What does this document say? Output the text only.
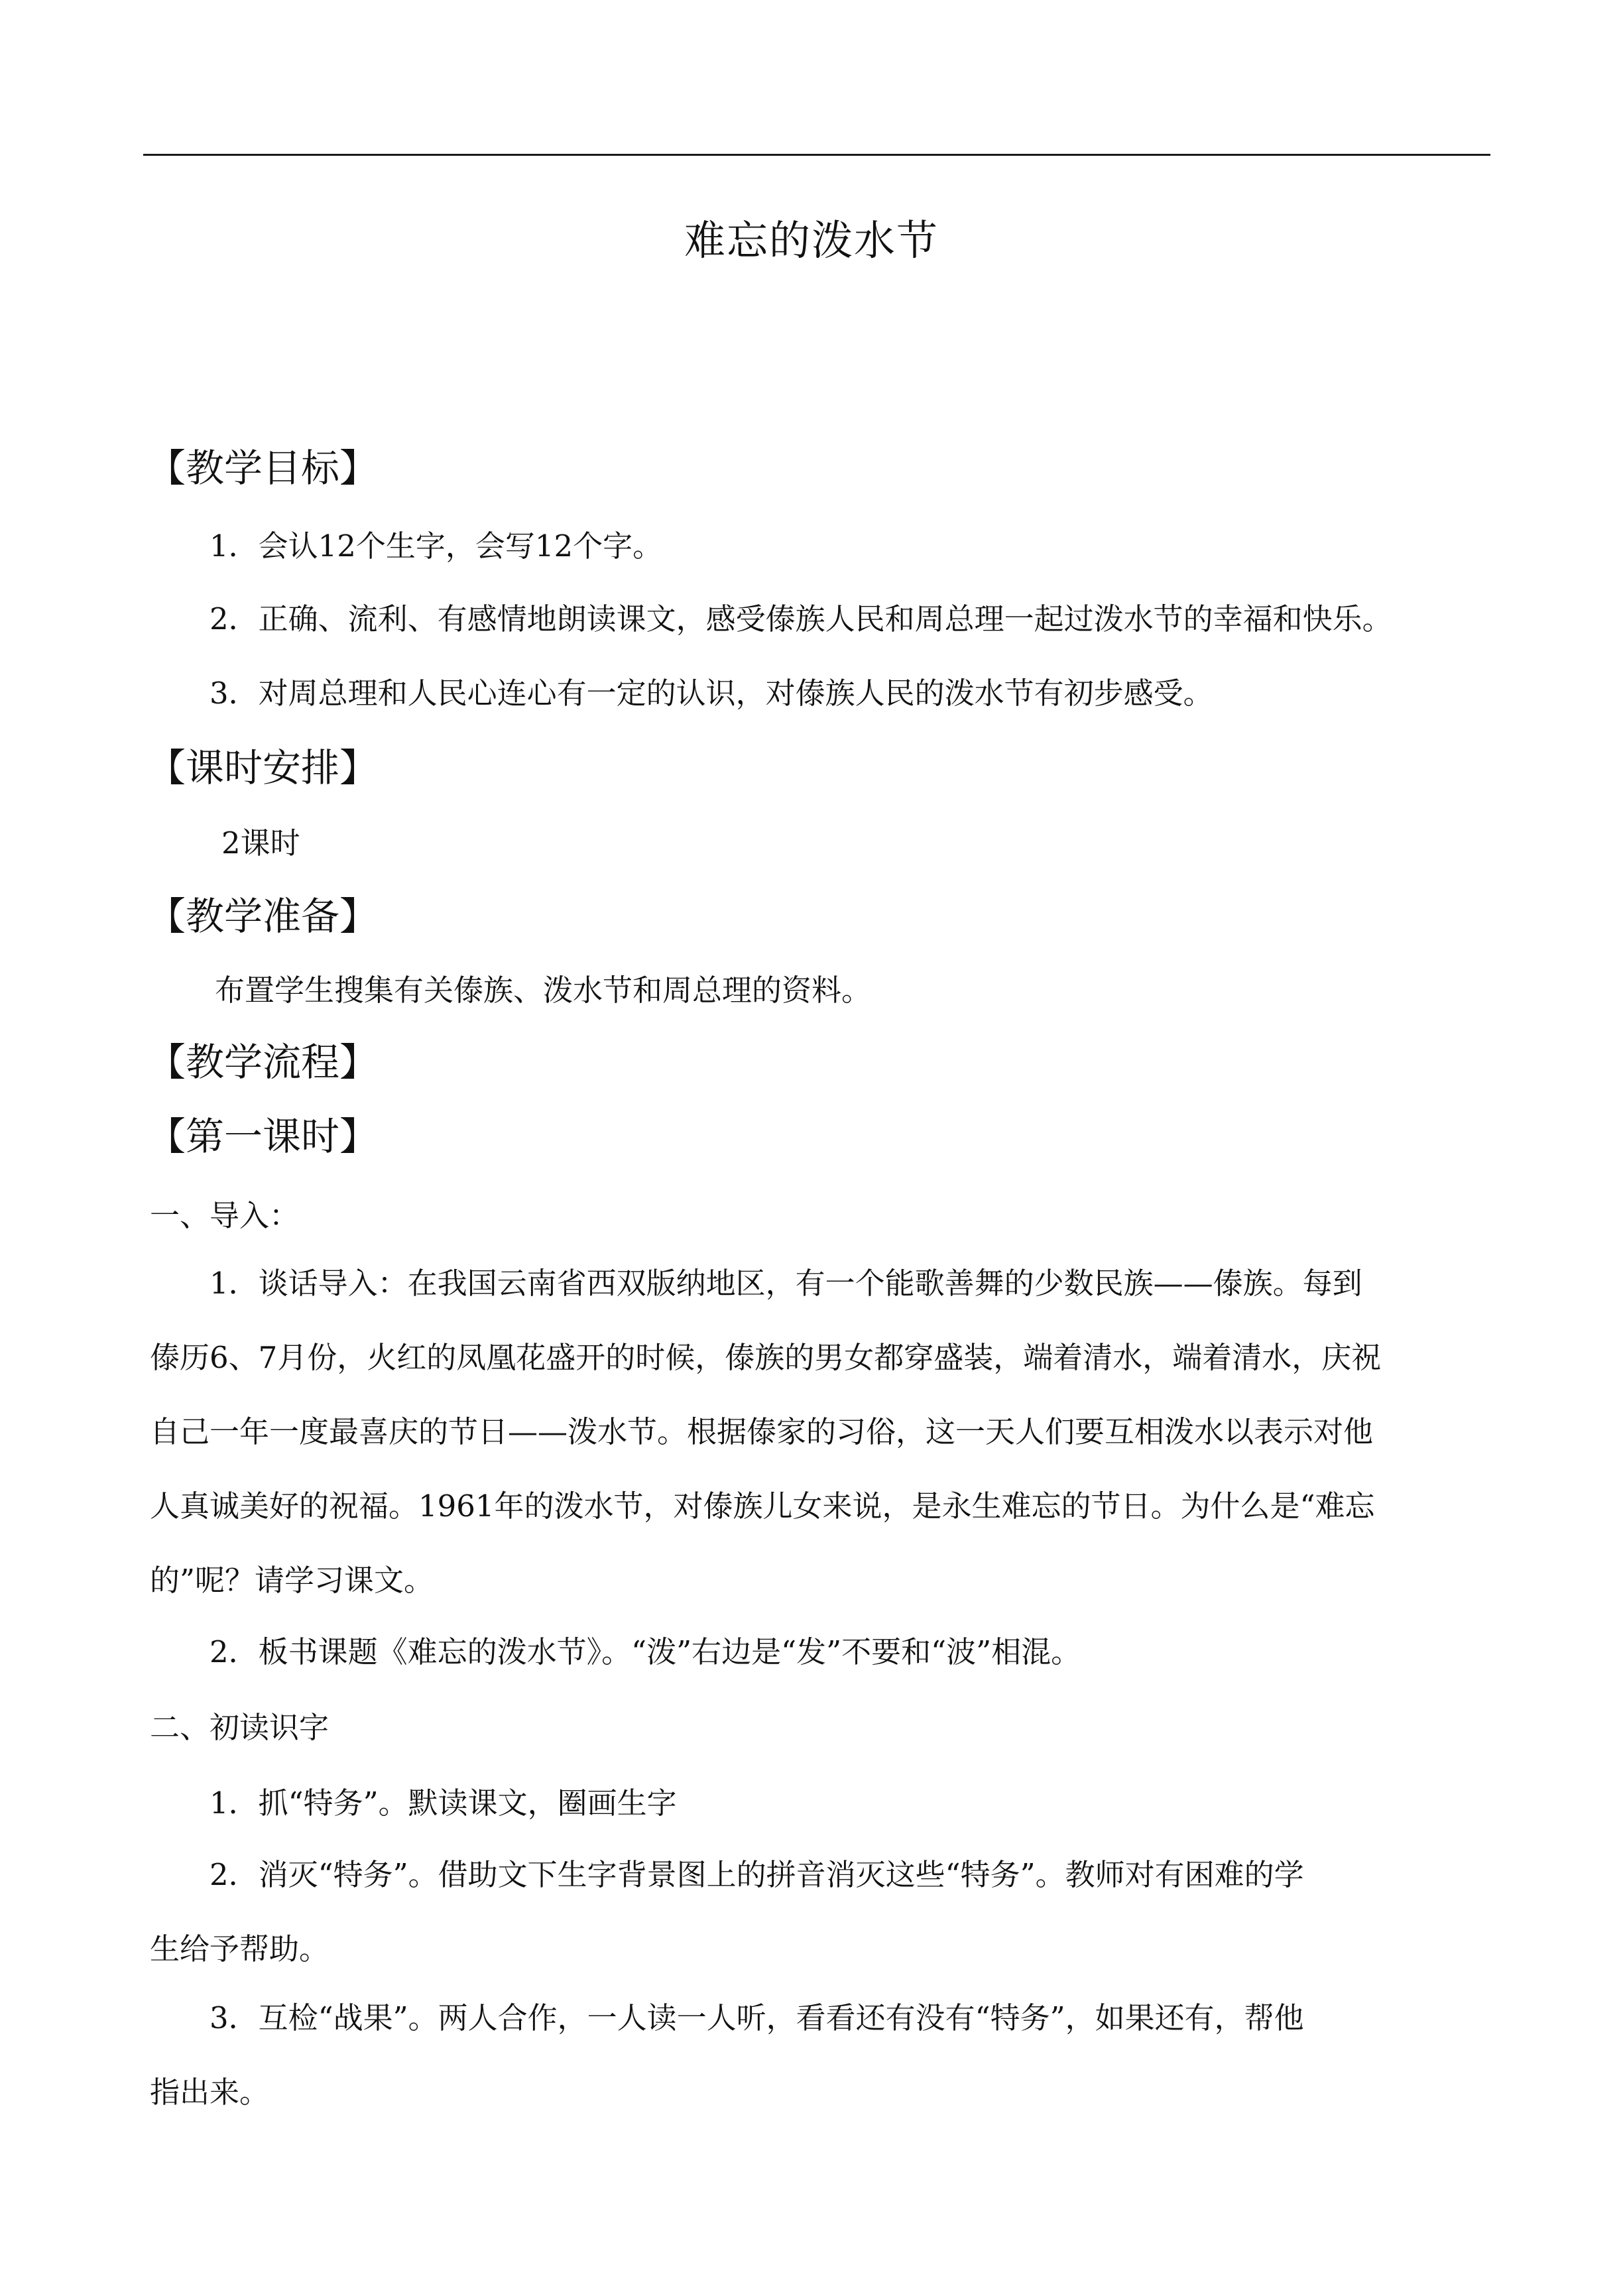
难忘的泼水节
【教学目标】

1．会认12个生字，会写12个字。

2．正确、流利、有感情地朗读课文，感受傣族人民和周总理一起过泼水节的幸福和快乐。

3．对周总理和人民心连心有一定的认识，对傣族人民的泼水节有初步感受。

【课时安排】

2课时

【教学准备】

布置学生搜集有关傣族、泼水节和周总理的资料。

【教学流程】
【第一课时】

一、导入：

1．谈话导入：在我国云南省西双版纳地区，有一个能歌善舞的少数民族——傣族。每到
傣历6、7月份，火红的凤凰花盛开的时候，傣族的男女都穿盛装，端着清水，端着清水，庆祝
自己一年一度最喜庆的节日——泼水节。根据傣家的习俗，这一天人们要互相泼水以表示对他
人真诚美好的祝福。1961年的泼水节，对傣族儿女来说，是永生难忘的节日。为什么是“难忘
的”呢？请学习课文。

2．板书课题《难忘的泼水节》。“泼”右边是“发”不要和“波”相混。

二、初读识字

1．抓“特务”。默读课文，圈画生字

2．消灭“特务”。借助文下生字背景图上的拼音消灭这些“特务”。教师对有困难的学
生给予帮助。
3．互检“战果”。两人合作，一人读一人听，看看还有没有“特务”，如果还有，帮他
指出来。
